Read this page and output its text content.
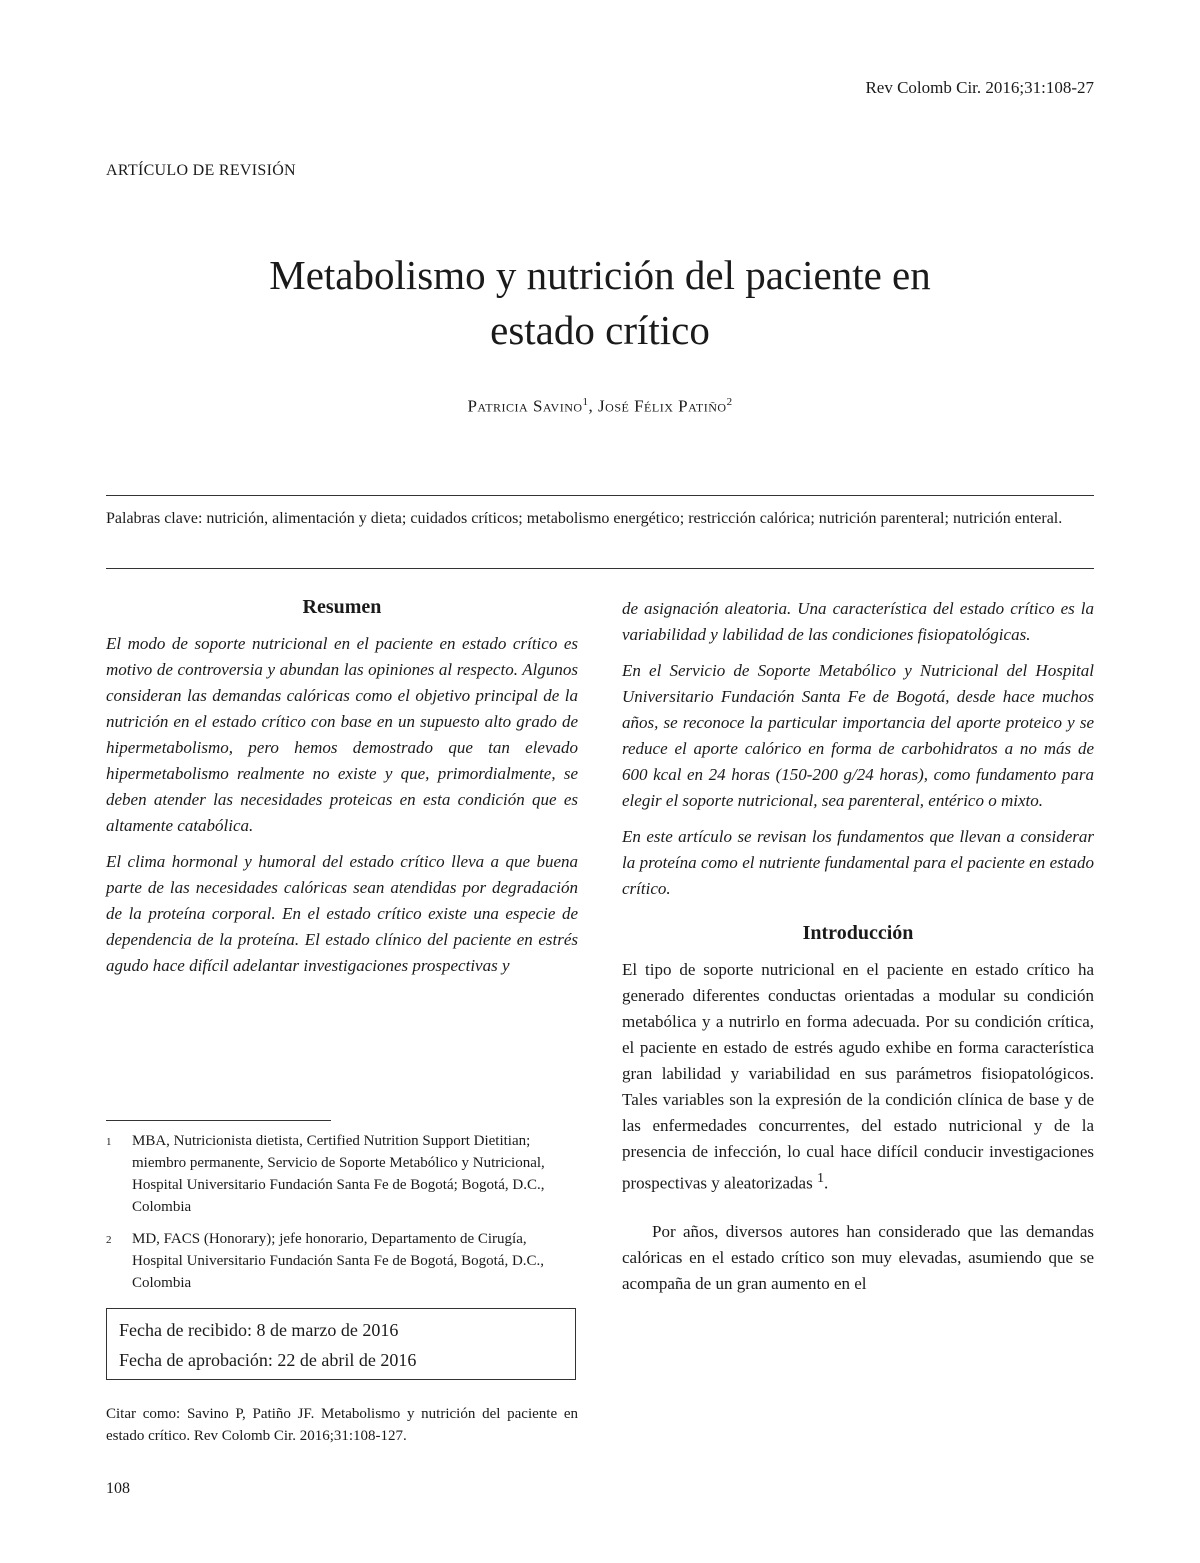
Rev Colomb Cir. 2016;31:108-27
ARTÍCULO DE REVISIÓN
Metabolismo y nutrición del paciente en
estado crítico
Patricia Savino$^1$, José Félix Patiño$^2$

Palabras clave: nutrición, alimentación y dieta; cuidados críticos; metabolismo energético; restricción calórica; nutrición parenteral; nutrición enteral.

Resumen

El modo de soporte nutricional en el paciente en estado crítico es motivo de controversia y abundan las opiniones al respecto. Algunos consideran las demandas calóricas como el objetivo principal de la nutrición en el estado crítico con base en un supuesto alto grado de hipermetabolismo, pero hemos demostrado que tan elevado hipermetabolismo realmente no existe y que, primordialmente, se deben atender las necesidades proteicas en esta condición que es altamente catabólica.

El clima hormonal y humoral del estado crítico lleva a que buena parte de las necesidades calóricas sean atendidas por degradación de la proteína corporal. En el estado crítico existe una especie de dependencia de la proteína. El estado clínico del paciente en estrés agudo hace difícil adelantar investigaciones prospectivas y

de asignación aleatoria. Una característica del estado crítico es la variabilidad y labilidad de las condiciones fisiopatológicas.

En el Servicio de Soporte Metabólico y Nutricional del Hospital Universitario Fundación Santa Fe de Bogotá, desde hace muchos años, se reconoce la particular importancia del aporte proteico y se reduce el aporte calórico en forma de carbohidratos a no más de 600 kcal en 24 horas (150-200 g/24 horas), como fundamento para elegir el soporte nutricional, sea parenteral, entérico o mixto.

En este artículo se revisan los fundamentos que llevan a considerar la proteína como el nutriente fundamental para el paciente en estado crítico.

Introducción

El tipo de soporte nutricional en el paciente en estado crítico ha generado diferentes conductas orientadas a modular su condición metabólica y a nutrirlo en forma adecuada. Por su condición crítica, el paciente en estado de estrés agudo exhibe en forma característica gran labilidad y variabilidad en sus parámetros fisiopatológicos. Tales variables son la expresión de la condición clínica de base y de las enfermedades concurrentes, del estado nutricional y de la presencia de infección, lo cual hace difícil conducir investigaciones prospectivas y aleatorizadas $^1$.

Por años, diversos autores han considerado que las demandas calóricas en el estado crítico son muy elevadas, asumiendo que se acompaña de un gran aumento en el

1	MBA, Nutricionista dietista, Certified Nutrition Support Dietitian; miembro permanente, Servicio de Soporte Metabólico y Nutricional, Hospital Universitario Fundación Santa Fe de Bogotá; Bogotá, D.C., Colombia
2	MD, FACS (Honorary); jefe honorario, Departamento de Cirugía, Hospital Universitario Fundación Santa Fe de Bogotá, Bogotá, D.C., Colombia
Fecha de recibido: 8 de marzo de 2016
Fecha de aprobación: 22 de abril de 2016

Citar como: Savino P, Patiño JF. Metabolismo y nutrición del paciente en estado crítico. Rev Colomb Cir. 2016;31:108-127.

108
